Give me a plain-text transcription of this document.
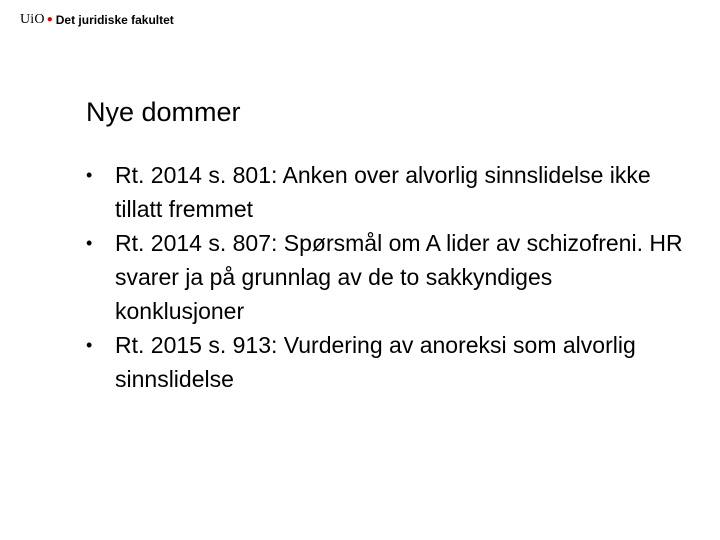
UiO ● Det juridiske fakultet
Nye dommer
• Rt. 2014 s. 801: Anken over alvorlig sinnslidelse ikke tillatt fremmet
• Rt. 2014 s. 807: Spørsmål om A lider av schizofreni. HR svarer ja på grunnlag av de to sakkyndiges konklusjoner
• Rt. 2015 s. 913: Vurdering av anoreksi som alvorlig sinnslidelse
